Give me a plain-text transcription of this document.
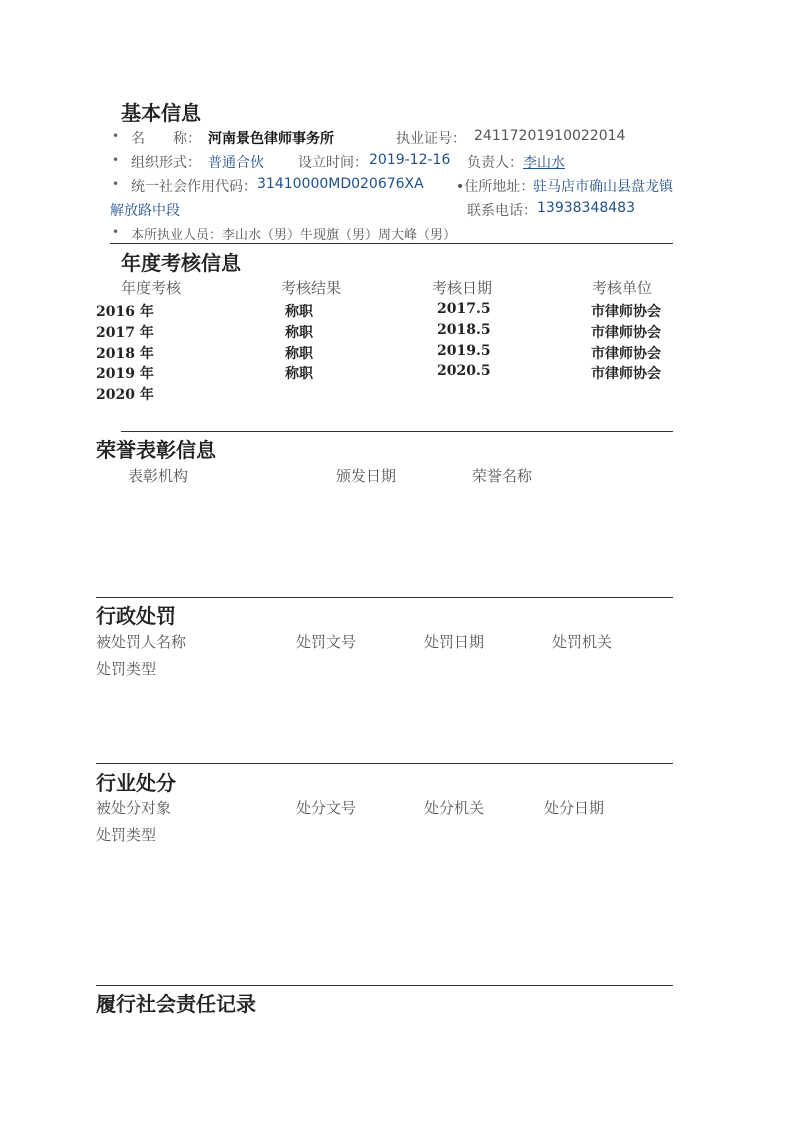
基本信息
• 名　　称： 河南景色律师事务所	执业证号： 24117201910022014
• 组织形式： 普通合伙 设立时间： 2019-12-16 负责人： 李山水
• 统一社会作用代码： 31410000MD020676XA •住所地址：
驻马店市确山县盘龙镇
解放路中段	联系电话： 13938348483
• 本所执业人员：李山水（男）牛现旗（男）周大峰（男）
年度考核信息
年度考核	考核结果	考核日期	考核单位
2016 年	称职	2017.5	市律师协会
2017 年	称职	2018.5	市律师协会
2018 年	称职	2019.5	市律师协会
2019 年	称职	2020.5	市律师协会
2020 年
荣誉表彰信息
表彰机构	颁发日期	荣誉名称
行政处罚
被处罚人名称	处罚文号	处罚日期	处罚机关
处罚类型
行业处分
被处分对象	处分文号	处分机关	处分日期
处罚类型
履行社会责任记录
